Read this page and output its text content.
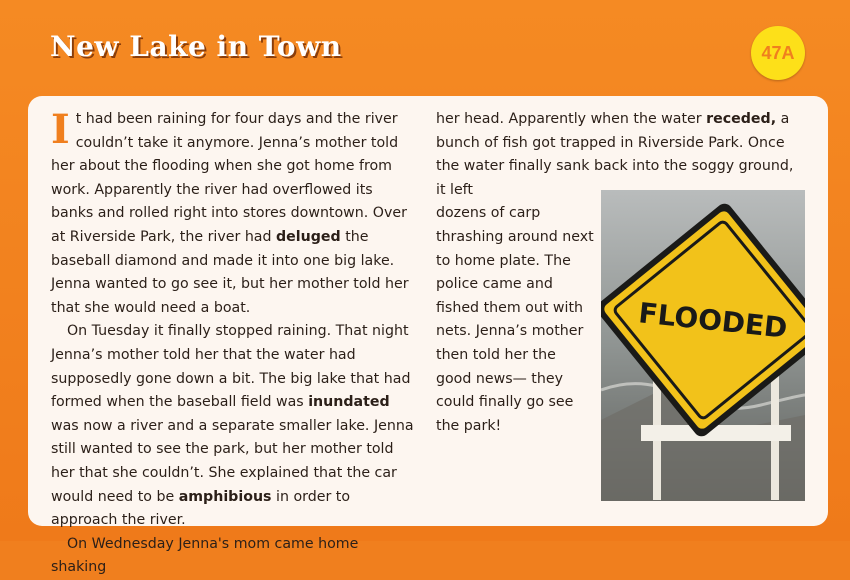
New Lake in Town	47A

It had been raining for four days and the river couldn’t take it anymore. Jenna’s mother told her about the flooding when she got home from work. Apparently the river had overflowed its banks and rolled right into stores downtown. Over at Riverside Park, the river had deluged the baseball diamond and made it into one big lake. Jenna wanted to go see it, but her mother told her that she would need a boat.

On Tuesday it finally stopped raining. That night Jenna’s mother told her that the water had supposedly gone down a bit. The big lake that had formed when the baseball field was inundated was now a river and a separate smaller lake. Jenna still wanted to see the park, but her mother told her that she couldn’t. She explained that the car would need to be amphibious in order to approach the river.

On Wednesday Jenna's mom came home shaking

her head. Apparently when the water receded, a bunch of fish got trapped in Riverside Park. Once the water finally sank back into the soggy ground, it left

dozens of carp
thrashing around next
to home plate. The
police came and
fished them out with
nets. Jenna’s mother
then told her the
good news— they
could finally go see
the park!
FLOODED
